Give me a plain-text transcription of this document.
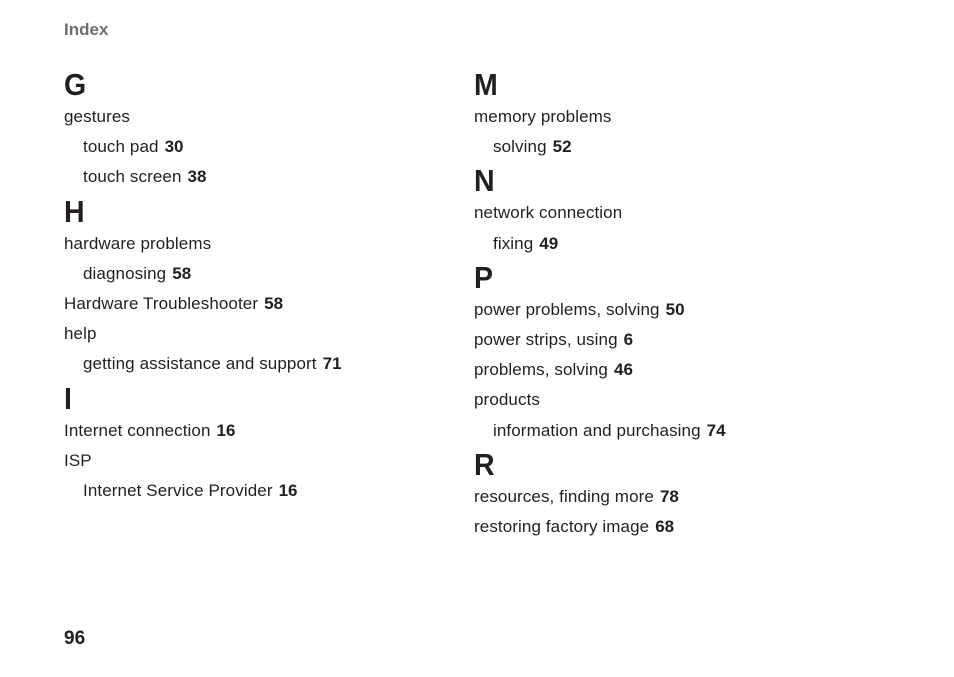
Index
G
gestures
touch pad 30
touch screen 38
H
hardware problems
diagnosing 58
Hardware Troubleshooter 58
help
getting assistance and support 71
I
Internet connection 16
ISP
Internet Service Provider 16
M
memory problems
solving 52
N
network connection
fixing 49
P
power problems, solving 50
power strips, using 6
problems, solving 46
products
information and purchasing 74
R
resources, finding more 78
restoring factory image 68
96
